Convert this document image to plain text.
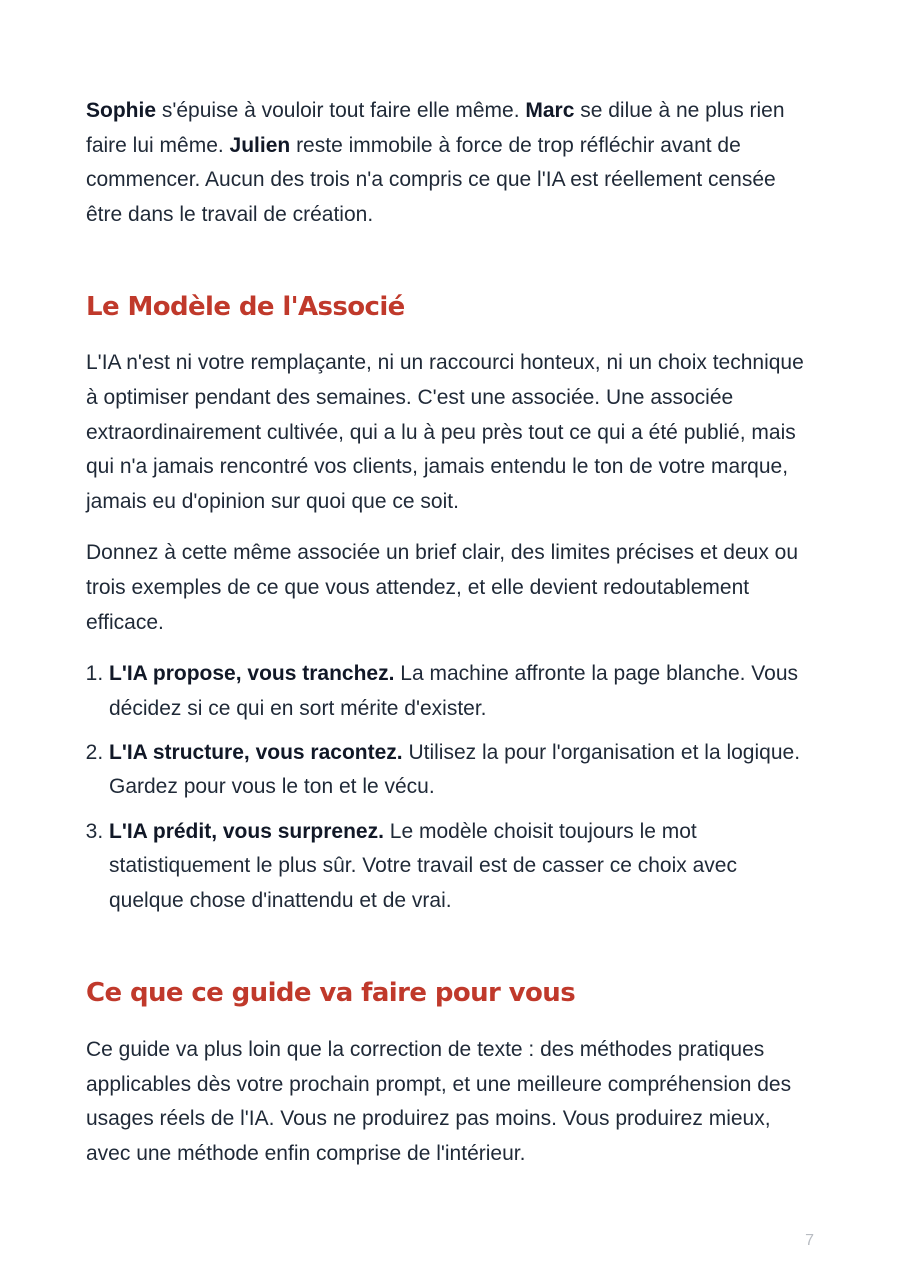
Sophie s'épuise à vouloir tout faire elle même. Marc se dilue à ne plus rien faire lui même. Julien reste immobile à force de trop réfléchir avant de commencer. Aucun des trois n'a compris ce que l'IA est réellement censée être dans le travail de création.

Le Modèle de l'Associé

L'IA n'est ni votre remplaçante, ni un raccourci honteux, ni un choix technique à optimiser pendant des semaines. C'est une associée. Une associée extraordinairement cultivée, qui a lu à peu près tout ce qui a été publié, mais qui n'a jamais rencontré vos clients, jamais entendu le ton de votre marque, jamais eu d'opinion sur quoi que ce soit.

Donnez à cette même associée un brief clair, des limites précises et deux ou trois exemples de ce que vous attendez, et elle devient redoutablement efficace.

1. L'IA propose, vous tranchez. La machine affronte la page blanche. Vous décidez si ce qui en sort mérite d'exister.
2. L'IA structure, vous racontez. Utilisez la pour l'organisation et la logique. Gardez pour vous le ton et le vécu.
3. L'IA prédit, vous surprenez. Le modèle choisit toujours le mot statistiquement le plus sûr. Votre travail est de casser ce choix avec quelque chose d'inattendu et de vrai.
Ce que ce guide va faire pour vous

Ce guide va plus loin que la correction de texte : des méthodes pratiques applicables dès votre prochain prompt, et une meilleure compréhension des usages réels de l'IA. Vous ne produirez pas moins. Vous produirez mieux, avec une méthode enfin comprise de l'intérieur.

7
